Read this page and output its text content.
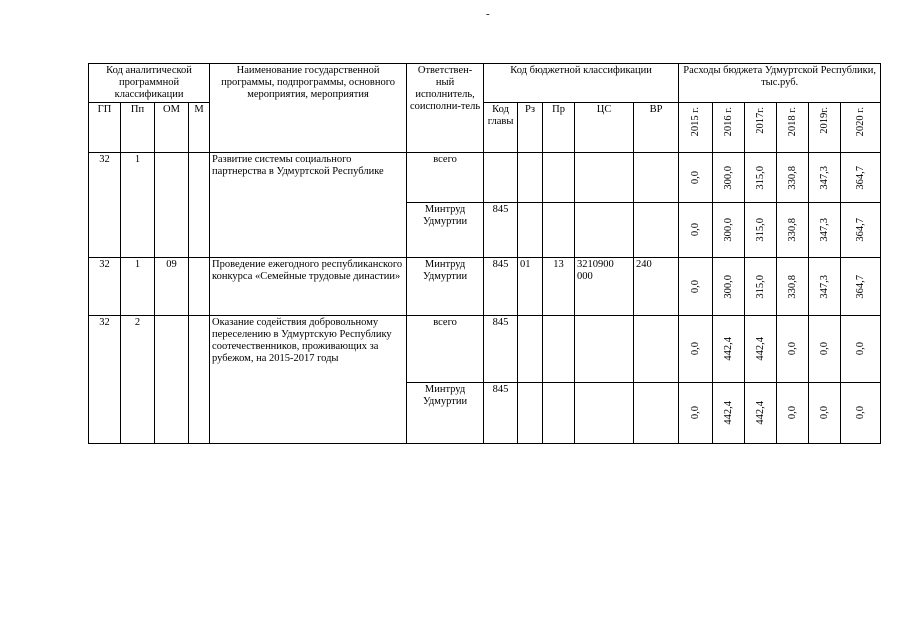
-
Код аналитической программной классификации				Наименование государственной программы, подпрограммы, основного мероприятия, мероприятия	Ответствен-ный исполнитель, соисполни-тель	Код бюджетной классификации					Расходы бюджета Удмуртской Республики, тыс.руб.					
ГП	Пп	ОМ	М			Код главы	Рз	Пр	ЦС	ВР	2015 г.	2016 г.	2017г.	2018 г.	2019г.	2020 г.

32	1			Развитие системы социального партнерства в Удмуртской Республике	всего						0,0	300,0	315,0	330,8	347,3	364,7

					Минтруд Удмуртии	845					0,0	300,0	315,0	330,8	347,3	364,7

32	1	09		Проведение ежегодного республиканского конкурса «Семейные трудовые династии»	Минтруд Удмуртии	845	01	13	3210900 000	240	0,0	300,0	315,0	330,8	347,3	364,7

32	2			Оказание содействия добровольному переселению в Удмуртскую Республику соотечественников, проживающих за рубежом, на 2015-2017 годы	всего	845					0,0	442,4	442,4	0,0	0,0	0,0

					Минтруд Удмуртии	845					0,0	442,4	442,4	0,0	0,0	0,0
